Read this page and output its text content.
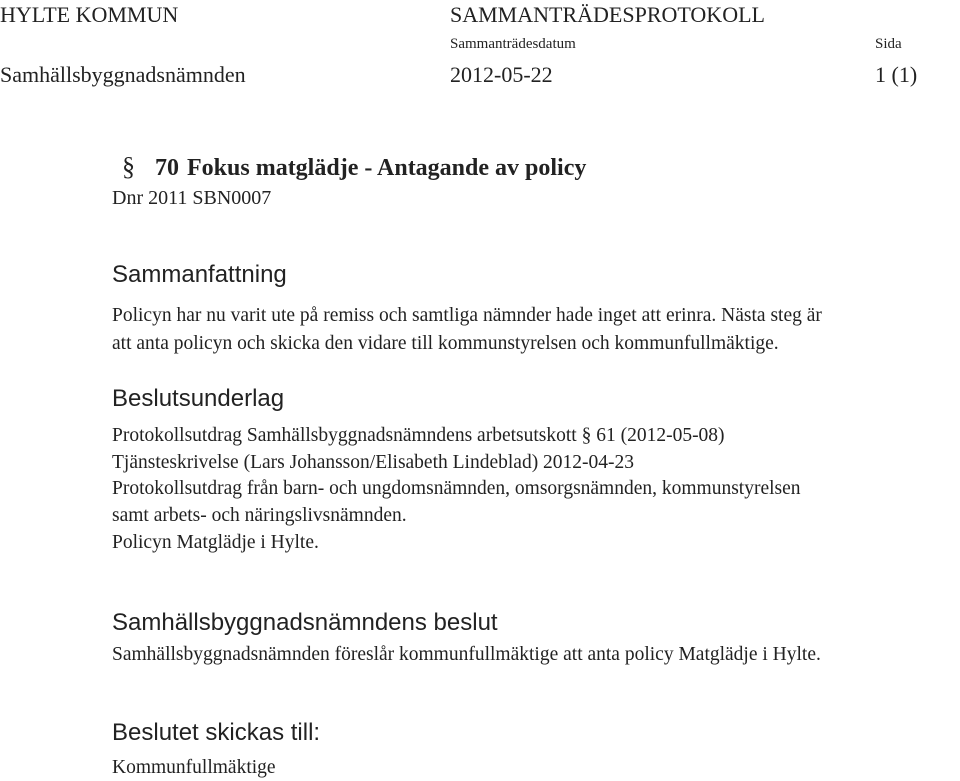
HYLTE KOMMUN	SAMMANTRÄDESPROTOKOLL
Sammanträdesdatum	Sida
Samhällsbyggnadsnämnden	2012-05-22	1 (1)
§ 70 Fokus matglädje - Antagande av policy
Dnr 2011 SBN0007
Sammanfattning
Policyn har nu varit ute på remiss och samtliga nämnder hade inget att erinra. Nästa steg är
att anta policyn och skicka den vidare till kommunstyrelsen och kommunfullmäktige.
Beslutsunderlag
Protokollsutdrag Samhällsbyggnadsnämndens arbetsutskott § 61 (2012-05-08)
Tjänsteskrivelse (Lars Johansson/Elisabeth Lindeblad) 2012-04-23
Protokollsutdrag från barn- och ungdomsnämnden, omsorgsnämnden, kommunstyrelsen
samt arbets- och näringslivsnämnden.
Policyn Matglädje i Hylte.
Samhällsbyggnadsnämndens beslut
Samhällsbyggnadsnämnden föreslår kommunfullmäktige att anta policy Matglädje i Hylte.
Beslutet skickas till:
Kommunfullmäktige
